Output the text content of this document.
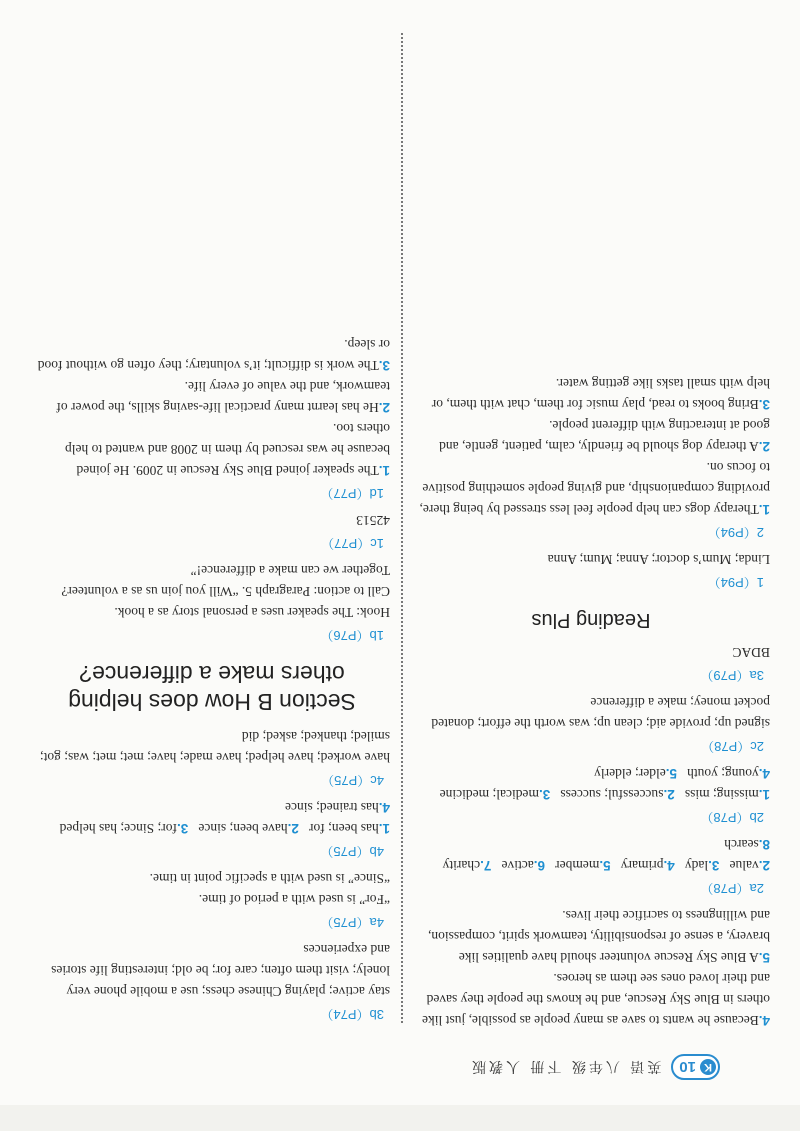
K
10
英语 八年级 下册 人教版
3b（P74）

stay active; playing Chinese chess; use a mobile phone very lonely; visit them often; care for; be old; interesting life stories and experiences

4a（P75）

“For” is used with a period of time.

“Since” is used with a specific point in time.

4b（P75）

1.has been; for   2.have been; since   3.for; Since; has helped   4.has trained; since

4c（P75）

have worked; have helped; have made; have; met; met; was; got; smiled; thanked; asked; did

Section B How does helping others make a difference?
1b（P76）

Hook: The speaker uses a personal story as a hook.

Call to action: Paragraph 5. “Will you join us as a volunteer? Together we can make a difference!”

1c（P77）

42513

1d（P77）

1.The speaker joined Blue Sky Rescue in 2009. He joined because he was rescued by them in 2008 and wanted to help others too.

2.He has learnt many practical life-saving skills, the power of teamwork, and the value of every life.

3.The work is difficult; it’s voluntary; they often go without food or sleep.

4.Because he wants to save as many people as possible, just like others in Blue Sky Rescue, and he knows the people they saved and their loved ones see them as heroes.

5.A Blue Sky Rescue volunteer should have qualities like bravery, a sense of responsibility, teamwork spirit, compassion, and willingness to sacrifice their lives.

2a（P78）

2.value   3.lady   4.primary   5.member   6.active   7.charity   8.search

2b（P78）

1.missing; miss   2.successful; success   3.medical; medicine   4.young; youth   5.elder; elderly

2c（P78）

signed up; provide aid; clean up; was worth the effort; donated pocket money; make a difference

3a（P79）

BDAC

Reading Plus
1（P94）

Linda; Mum’s doctor; Anna; Mum; Anna

2（P94）

1.Therapy dogs can help people feel less stressed by being there, providing companionship, and giving people something positive to focus on.

2.A therapy dog should be friendly, calm, patient, gentle, and good at interacting with different people.

3.Bring books to read, play music for them, chat with them, or help with small tasks like getting water.
